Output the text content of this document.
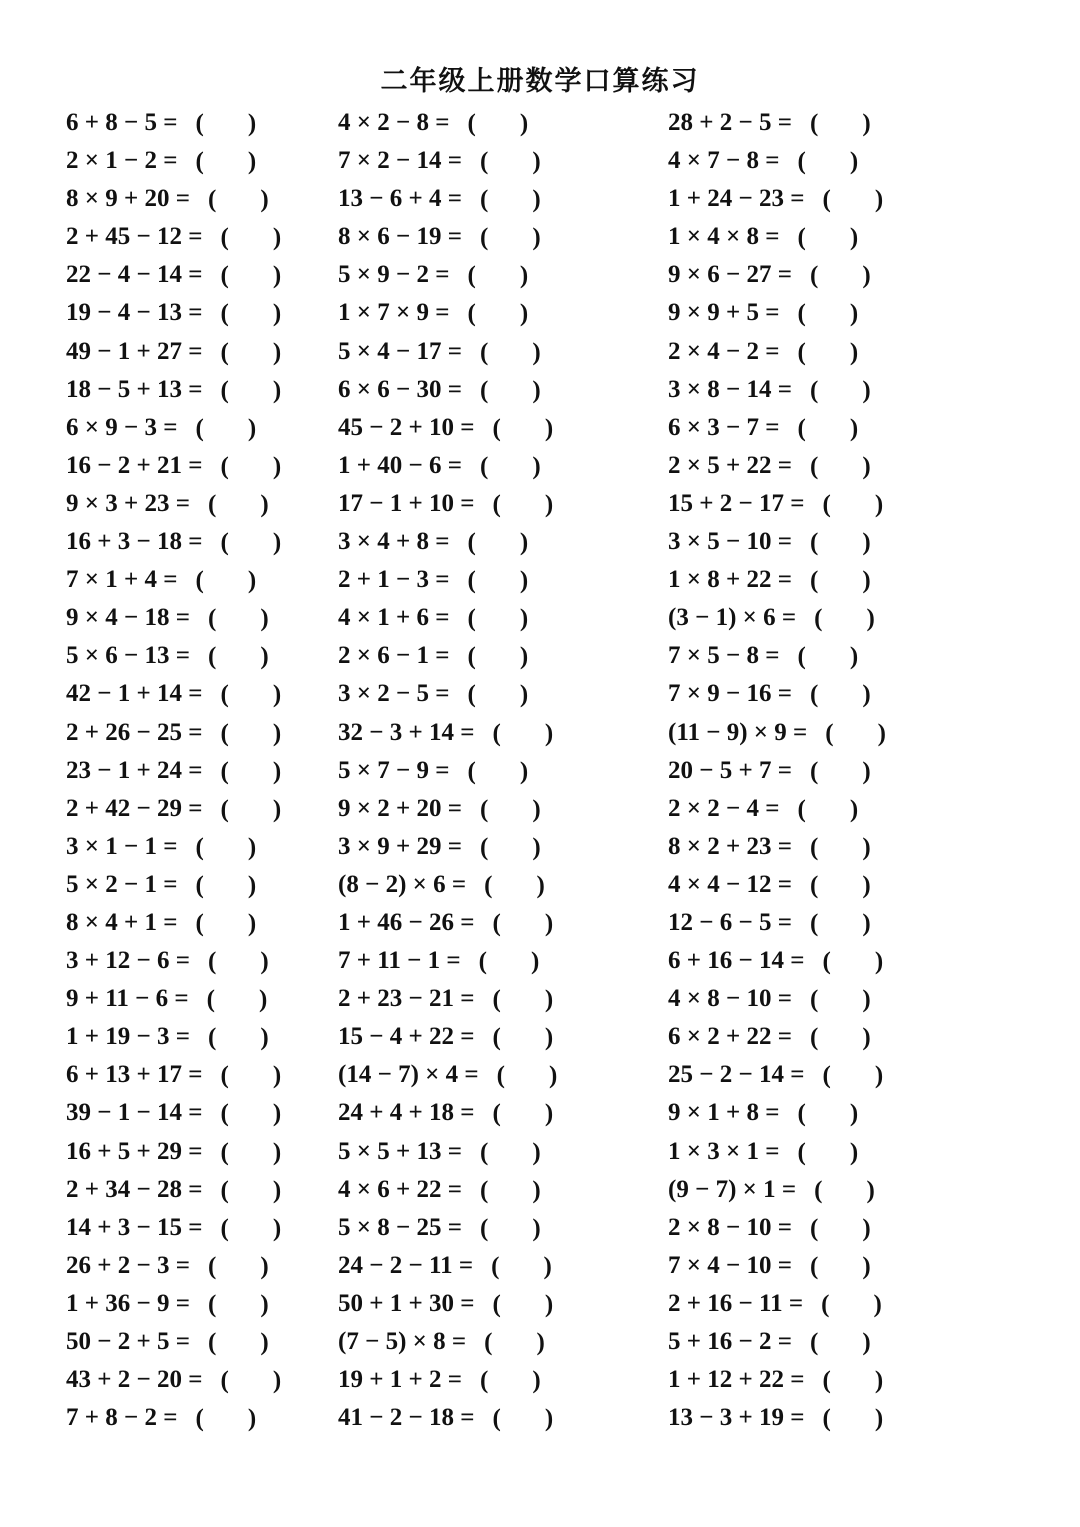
二年级上册数学口算练习
6 + 8 − 5 = ( )	4 × 2 − 8 = ( )	28 + 2 − 5 = ( )
2 × 1 − 2 = ( )	7 × 2 − 14 = ( )	4 × 7 − 8 = ( )
8 × 9 + 20 = ( )	13 − 6 + 4 = ( )	1 + 24 − 23 = ( )
2 + 45 − 12 = ( ) 8 × 6 − 19 = ( )	1 × 4 × 8 = ( )
22 − 4 − 14 = ( ) 5 × 9 − 2 = ( )	9 × 6 − 27 = ( )
19 − 4 − 13 = ( ) 1 × 7 × 9 = ( )	9 × 9 + 5 = ( )
49 − 1 + 27 = ( ) 5 × 4 − 17 = ( )	2 × 4 − 2 = ( )
18 − 5 + 13 = ( ) 6 × 6 − 30 = ( )	3 × 8 − 14 = ( )
6 × 9 − 3 = ( )	45 − 2 + 10 = ( )	6 × 3 − 7 = ( )
16 − 2 + 21 = ( ) 1 + 40 − 6 = ( )	2 × 5 + 22 = ( )
9 × 3 + 23 = ( )	17 − 1 + 10 = ( )	15 + 2 − 17 = ( )
16 + 3 − 18 = ( ) 3 × 4 + 8 = ( )	3 × 5 − 10 = ( )
7 × 1 + 4 = ( )	2 + 1 − 3 = ( )	1 × 8 + 22 = ( )
9 × 4 − 18 = ( )	4 × 1 + 6 = ( )	(3 − 1) × 6 = ( )
5 × 6 − 13 = ( )	2 × 6 − 1 = ( )	7 × 5 − 8 = ( )
42 − 1 + 14 = ( ) 3 × 2 − 5 = ( )	7 × 9 − 16 = ( )
2 + 26 − 25 = ( ) 32 − 3 + 14 = ( )	(11 − 9) × 9 = ( )
23 − 1 + 24 = ( ) 5 × 7 − 9 = ( )	20 − 5 + 7 = ( )
2 + 42 − 29 = ( ) 9 × 2 + 20 = ( )	2 × 2 − 4 = ( )
3 × 1 − 1 = ( )	3 × 9 + 29 = ( )	8 × 2 + 23 = ( )
5 × 2 − 1 = ( )	(8 − 2) × 6 = ( )	4 × 4 − 12 = ( )
8 × 4 + 1 = ( )	1 + 46 − 26 = ( )	12 − 6 − 5 = ( )
3 + 12 − 6 = ( )	7 + 11 − 1 = ( )	6 + 16 − 14 = ( )
9 + 11 − 6 = ( )	2 + 23 − 21 = ( )	4 × 8 − 10 = ( )
1 + 19 − 3 = ( )	15 − 4 + 22 = ( )	6 × 2 + 22 = ( )
6 + 13 + 17 = ( ) (14 − 7) × 4 = ( )	25 − 2 − 14 = ( )
39 − 1 − 14 = ( ) 24 + 4 + 18 = ( )	9 × 1 + 8 = ( )
16 + 5 + 29 = ( ) 5 × 5 + 13 = ( )	1 × 3 × 1 = ( )
2 + 34 − 28 = ( ) 4 × 6 + 22 = ( )	(9 − 7) × 1 = ( )
14 + 3 − 15 = ( ) 5 × 8 − 25 = ( )	2 × 8 − 10 = ( )
26 + 2 − 3 = ( )	24 − 2 − 11 = ( )	7 × 4 − 10 = ( )
1 + 36 − 9 = ( )	50 + 1 + 30 = ( )	2 + 16 − 11 = ( )
50 − 2 + 5 = ( )	(7 − 5) × 8 = ( )	5 + 16 − 2 = ( )
43 + 2 − 20 = ( ) 19 + 1 + 2 = ( )	1 + 12 + 22 = ( )
7 + 8 − 2 = ( )	41 − 2 − 18 = ( )	13 − 3 + 19 = ( )
